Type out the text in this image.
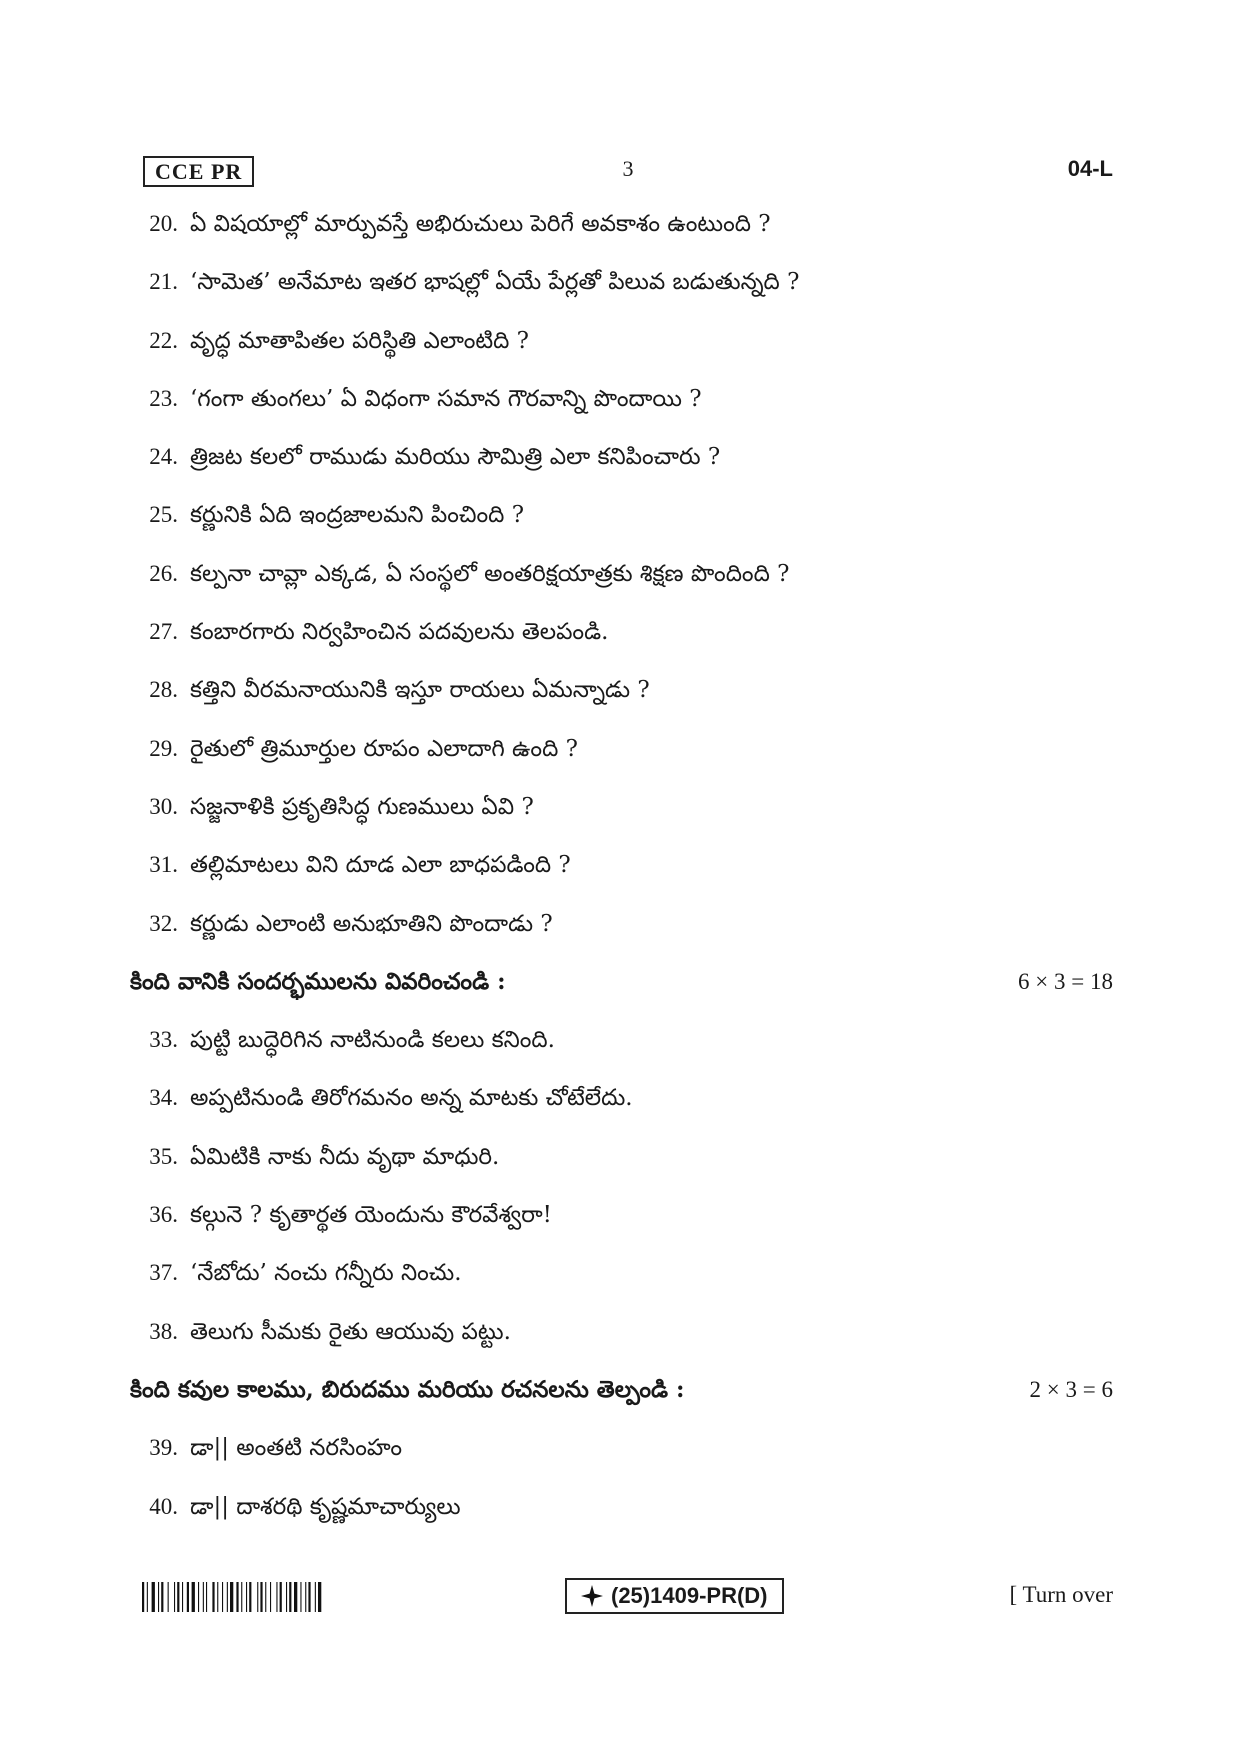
CCE PR	3	04-L
20. ఏ విషయాల్లో మార్పువస్తే అభిరుచులు పెరిగే అవకాశం ఉంటుంది ?
21. ‘సామెత’ అనేమాట ఇతర భాషల్లో ఏయే పేర్లతో పిలువ బడుతున్నది ?
22. వృద్ధ మాతాపితల పరిస్థితి ఎలాంటిది ?
23. ‘గంగా తుంగలు’ ఏ విధంగా సమాన గౌరవాన్ని పొందాయి ?
24. త్రిజట కలలో రాముడు మరియు సౌమిత్రి ఎలా కనిపించారు ?
25. కర్ణునికి ఏది ఇంద్రజాలమని పించింది ?
26. కల్పనా చావ్లా ఎక్కడ, ఏ సంస్థలో అంతరిక్షయాత్రకు శిక్షణ పొందింది ?
27. కంబారగారు నిర్వహించిన పదవులను తెలపండి.
28. కత్తిని వీరమనాయునికి ఇస్తూ రాయలు ఏమన్నాడు ?
29. రైతులో త్రిమూర్తుల రూపం ఎలాదాగి ఉంది ?
30. సజ్జనాళికి ప్రకృతిసిద్ధ గుణములు ఏవి ?
31. తల్లిమాటలు విని దూడ ఎలా బాధపడింది ?
32. కర్ణుడు ఎలాంటి అనుభూతిని పొందాడు ?
కింది వానికి సందర్భములను వివరించండి :	6 × 3 = 18
33. పుట్టి బుద్ధెరిగిన నాటినుండి కలలు కనింది.
34. అప్పటినుండి తిరోగమనం అన్న మాటకు చోటేలేదు.
35. ఏమిటికి నాకు నీదు వృథా మాధురి.
36. కల్గునె ? కృతార్థత యెందును కౌరవేశ్వరా!
37. ‘నేబోదు’ నంచు గన్నీరు నించు.
38. తెలుగు సీమకు రైతు ఆయువు పట్టు.
కింది కవుల కాలము, బిరుదము మరియు రచనలను తెల్పండి :	2 × 3 = 6
39. డా|| అంతటి నరసింహం
40. డా|| దాశరథి కృష్ణమాచార్యులు
(25)1409-PR(D)	[ Turn over
